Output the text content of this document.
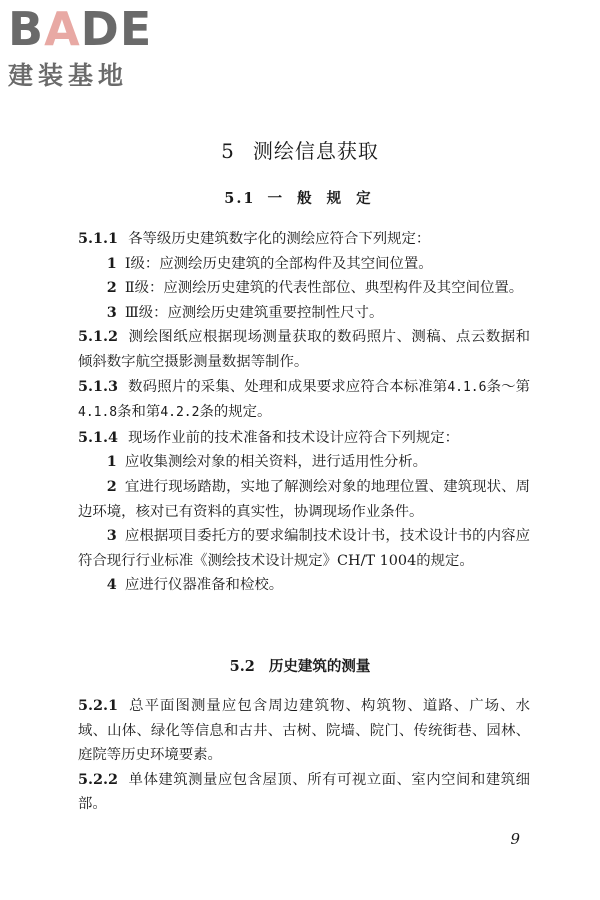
BADE
建装基地
5 测绘信息获取
5.1 一 般 规 定

5.1.1 各等级历史建筑数字化的测绘应符合下列规定：

1 Ⅰ级：应测绘历史建筑的全部构件及其空间位置。

2 Ⅱ级：应测绘历史建筑的代表性部位、典型构件及其空间位置。

3 Ⅲ级：应测绘历史建筑重要控制性尺寸。

5.1.2 测绘图纸应根据现场测量获取的数码照片、测稿、点云数据和倾斜数字航空摄影测量数据等制作。

5.1.3 数码照片的采集、处理和成果要求应符合本标准第4.1.6条～第4.1.8条和第4.2.2条的规定。

5.1.4 现场作业前的技术准备和技术设计应符合下列规定：

1 应收集测绘对象的相关资料，进行适用性分析。

2 宜进行现场踏勘，实地了解测绘对象的地理位置、建筑现状、周边环境，核对已有资料的真实性，协调现场作业条件。

3 应根据项目委托方的要求编制技术设计书，技术设计书的内容应符合现行行业标准《测绘技术设计规定》CH/T 1004的规定。

4 应进行仪器准备和检校。

5.2 历史建筑的测量

5.2.1 总平面图测量应包含周边建筑物、构筑物、道路、广场、水域、山体、绿化等信息和古井、古树、院墙、院门、传统街巷、园林、庭院等历史环境要素。

5.2.2 单体建筑测量应包含屋顶、所有可视立面、室内空间和建筑细部。

9
